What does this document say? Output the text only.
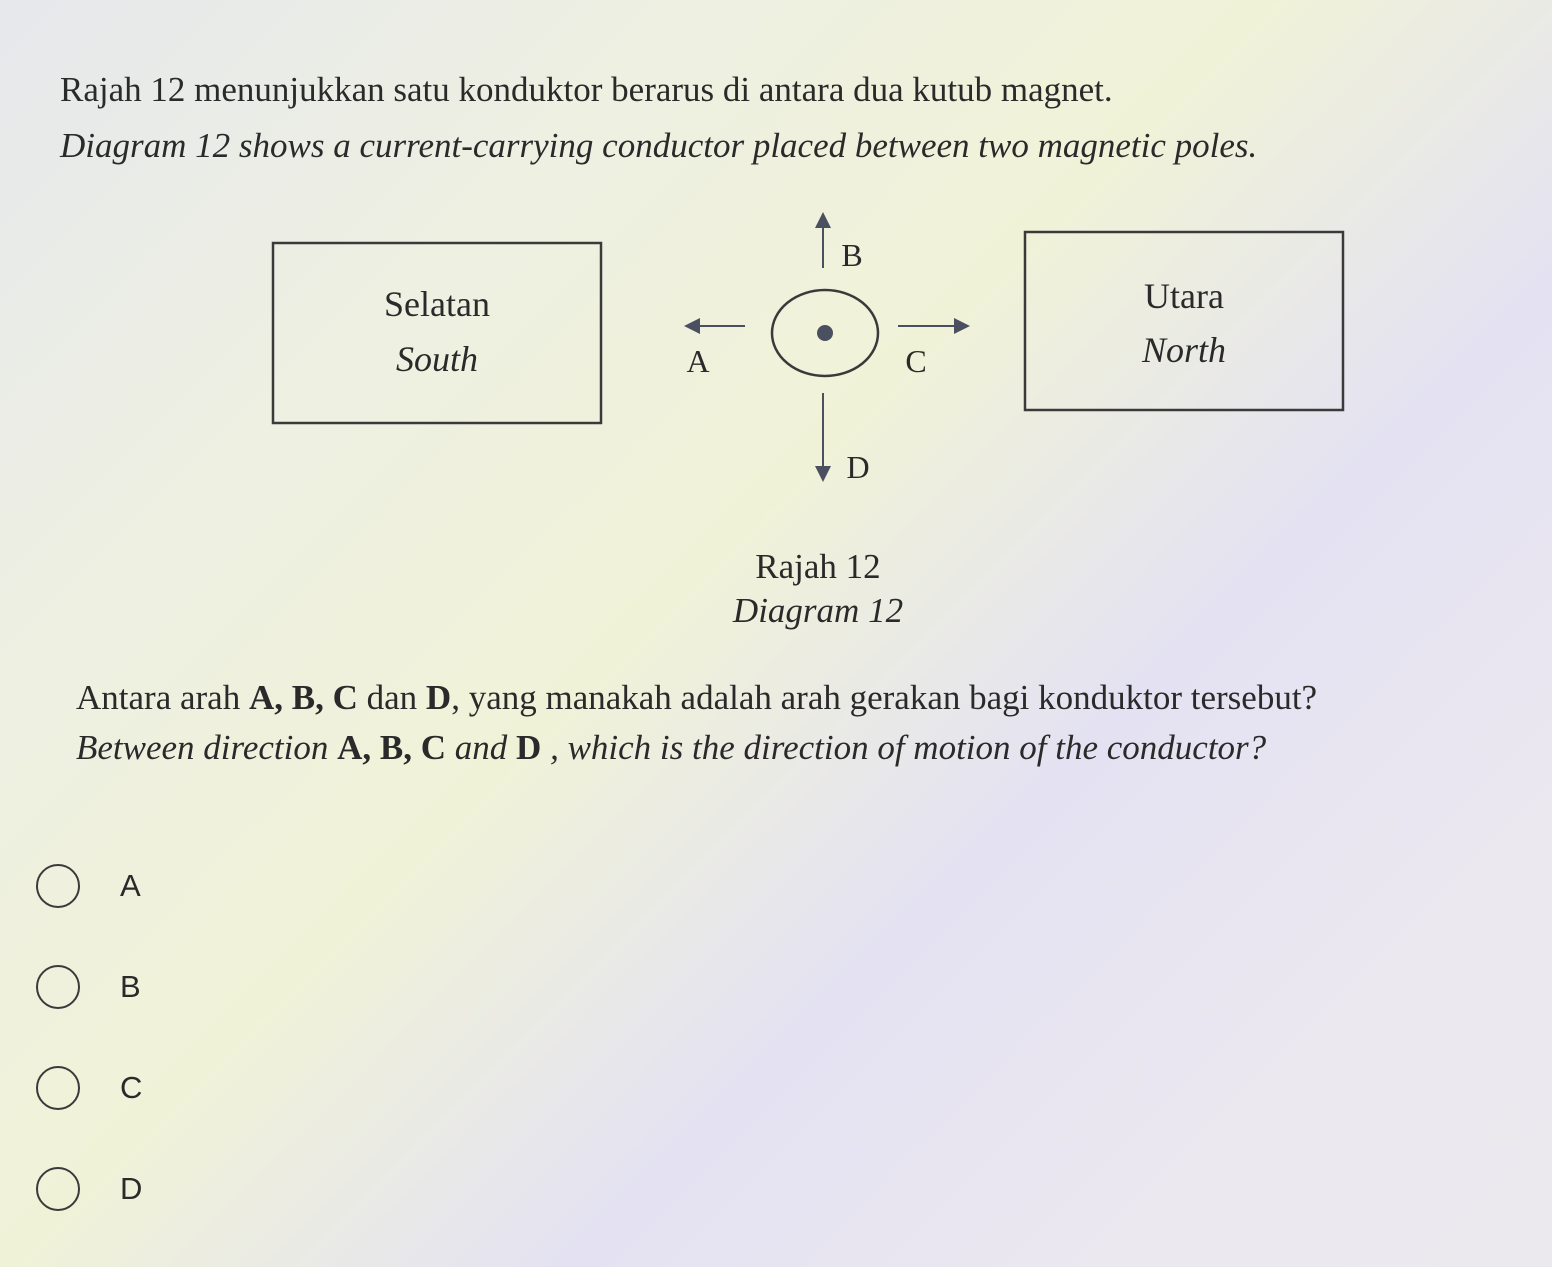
Rajah 12 menunjukkan satu konduktor berarus di antara dua kutub magnet.
Diagram 12 shows a current-carrying conductor placed between two magnetic poles.
Selatan
South
Utara
North
B
A	C
D
Rajah 12
Diagram 12
Antara arah A, B, C dan D, yang manakah adalah arah gerakan bagi konduktor tersebut?
Between direction A, B, C and D , which is the direction of motion of the conductor?
A
B
C
D
